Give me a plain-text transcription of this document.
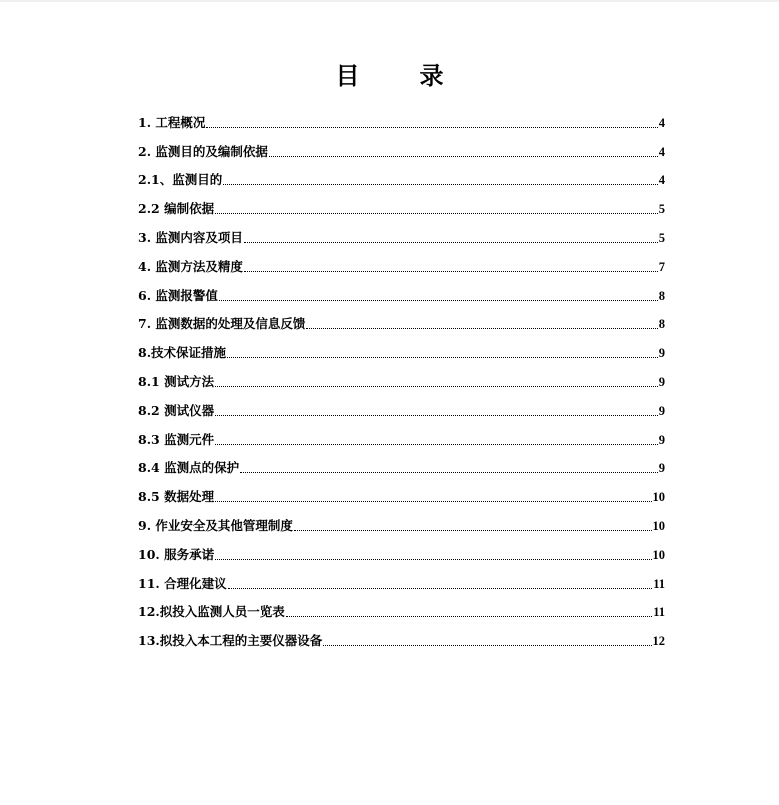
目　录
1. 工程概况	4
2. 监测目的及编制依据	4
2.1、监测目的	4
2.2 编制依据	5
3. 监测内容及项目	5
4. 监测方法及精度	7
6. 监测报警值	8
7. 监测数据的处理及信息反馈	8
8.技术保证措施	9
8.1 测试方法	9
8.2 测试仪器	9
8.3 监测元件	9
8.4 监测点的保护	9
8.5 数据处理	10
9. 作业安全及其他管理制度	10
10. 服务承诺	10
11. 合理化建议	11
12.拟投入监测人员一览表	11
13.拟投入本工程的主要仪器设备	12
